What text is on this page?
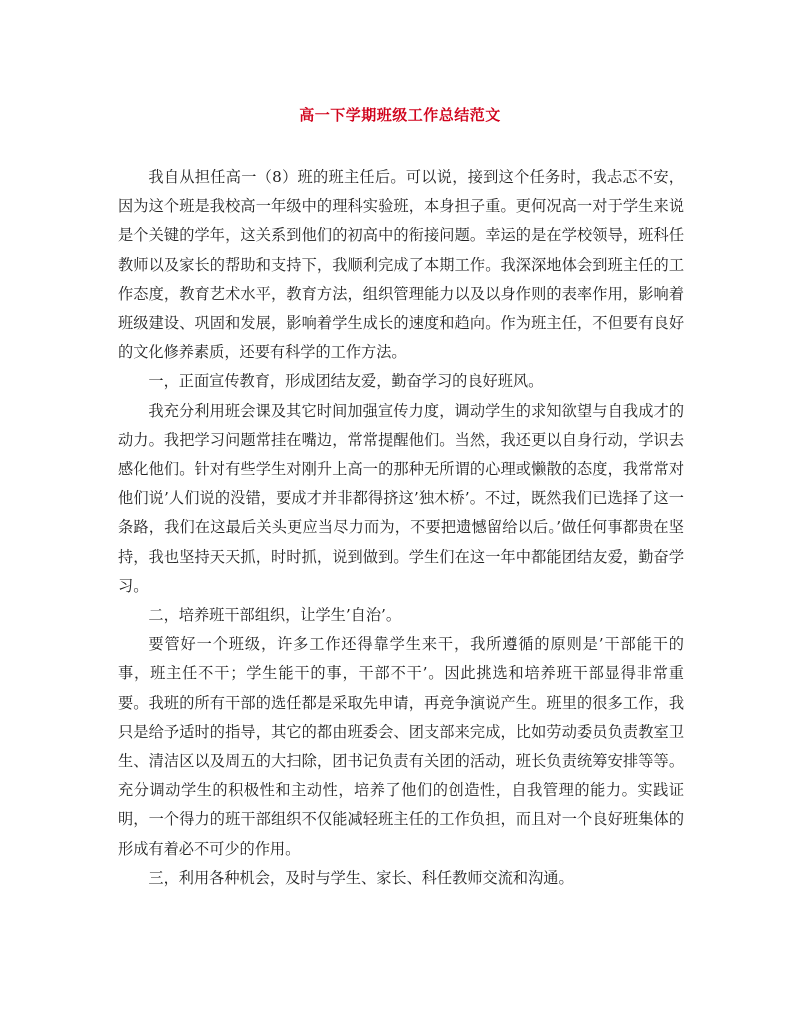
高一下学期班级工作总结范文

我自从担任高一（8）班的班主任后。可以说，接到这个任务时，我忐忑不安，因为这个班是我校高一年级中的理科实验班，本身担子重。更何况高一对于学生来说是个关键的学年，这关系到他们的初高中的衔接问题。幸运的是在学校领导，班科任教师以及家长的帮助和支持下，我顺利完成了本期工作。我深深地体会到班主任的工作态度，教育艺术水平，教育方法，组织管理能力以及以身作则的表率作用，影响着班级建设、巩固和发展，影响着学生成长的速度和趋向。作为班主任，不但要有良好的文化修养素质，还要有科学的工作方法。

一，正面宣传教育，形成团结友爱，勤奋学习的良好班风。

我充分利用班会课及其它时间加强宣传力度，调动学生的求知欲望与自我成才的动力。我把学习问题常挂在嘴边，常常提醒他们。当然，我还更以自身行动，学识去感化他们。针对有些学生对刚升上高一的那种无所谓的心理或懒散的态度，我常常对他们说’人们说的没错，要成才并非都得挤这’独木桥’。不过，既然我们已选择了这一条路，我们在这最后关头更应当尽力而为，不要把遗憾留给以后。’做任何事都贵在坚持，我也坚持天天抓，时时抓，说到做到。学生们在这一年中都能团结友爱，勤奋学习。

二，培养班干部组织，让学生’自治’。

要管好一个班级，许多工作还得靠学生来干，我所遵循的原则是’干部能干的事，班主任不干；学生能干的事，干部不干’。因此挑选和培养班干部显得非常重要。我班的所有干部的选任都是采取先申请，再竞争演说产生。班里的很多工作，我只是给予适时的指导，其它的都由班委会、团支部来完成，比如劳动委员负责教室卫生、清洁区以及周五的大扫除，团书记负责有关团的活动，班长负责统筹安排等等。充分调动学生的积极性和主动性，培养了他们的创造性，自我管理的能力。实践证明，一个得力的班干部组织不仅能减轻班主任的工作负担，而且对一个良好班集体的形成有着必不可少的作用。

三，利用各种机会，及时与学生、家长、科任教师交流和沟通。
